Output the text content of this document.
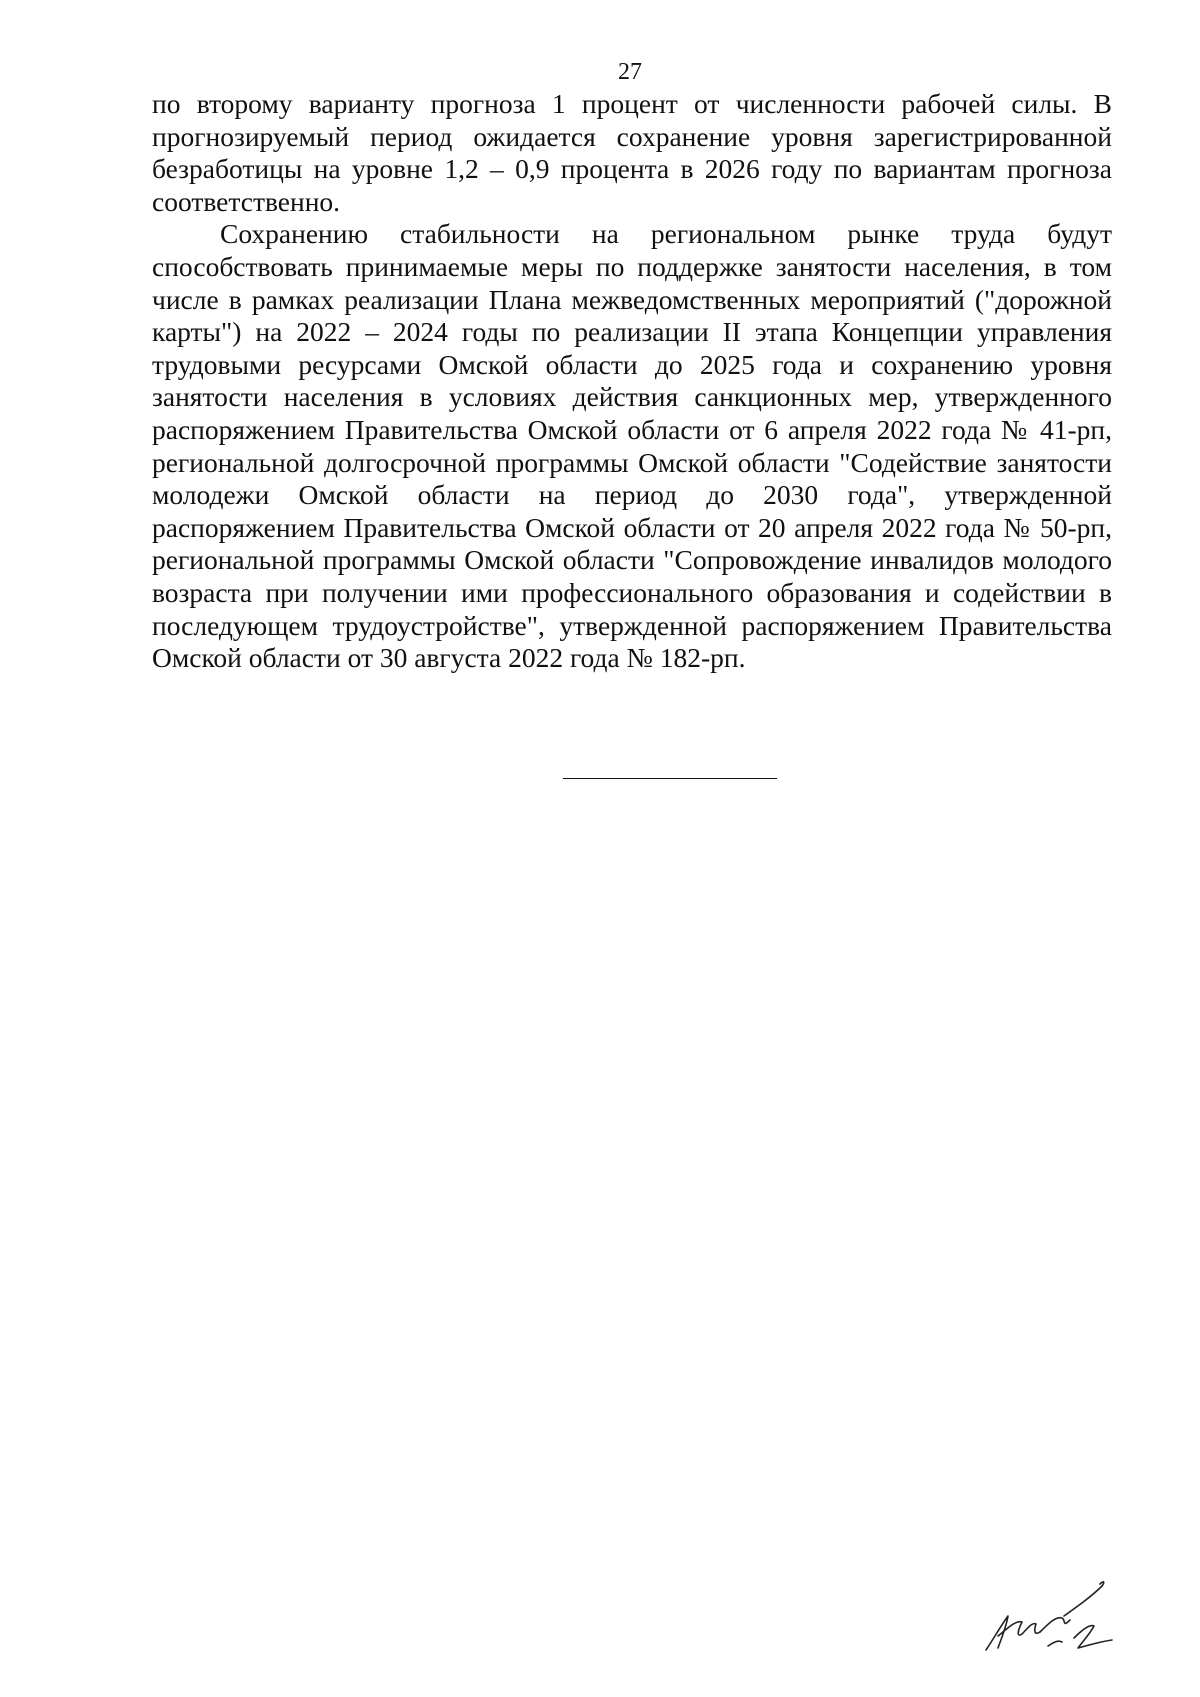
27

по второму варианту прогноза 1 процент от численности рабочей силы. В прогнозируемый период ожидается сохранение уровня зарегистрированной безработицы на уровне 1,2 – 0,9 процента в 2026 году по вариантам прогноза соответственно.

Сохранению стабильности на региональном рынке труда будут способствовать принимаемые меры по поддержке занятости населения, в том числе в рамках реализации Плана межведомственных мероприятий ("дорожной карты") на 2022 – 2024 годы по реализации II этапа Концепции управления трудовыми ресурсами Омской области до 2025 года и сохранению уровня занятости населения в условиях действия санкционных мер, утвержденного распоряжением Правительства Омской области от 6 апреля 2022 года № 41-рп, региональной долгосрочной программы Омской области "Содействие занятости молодежи Омской области на период до 2030 года", утвержденной распоряжением Правительства Омской области от 20 апреля 2022 года № 50-рп, региональной программы Омской области "Сопровождение инвалидов молодого возраста при получении ими профессионального образования и содействии в последующем трудоустройстве", утвержденной распоряжением Правительства Омской области от 30 августа 2022 года № 182-рп.
